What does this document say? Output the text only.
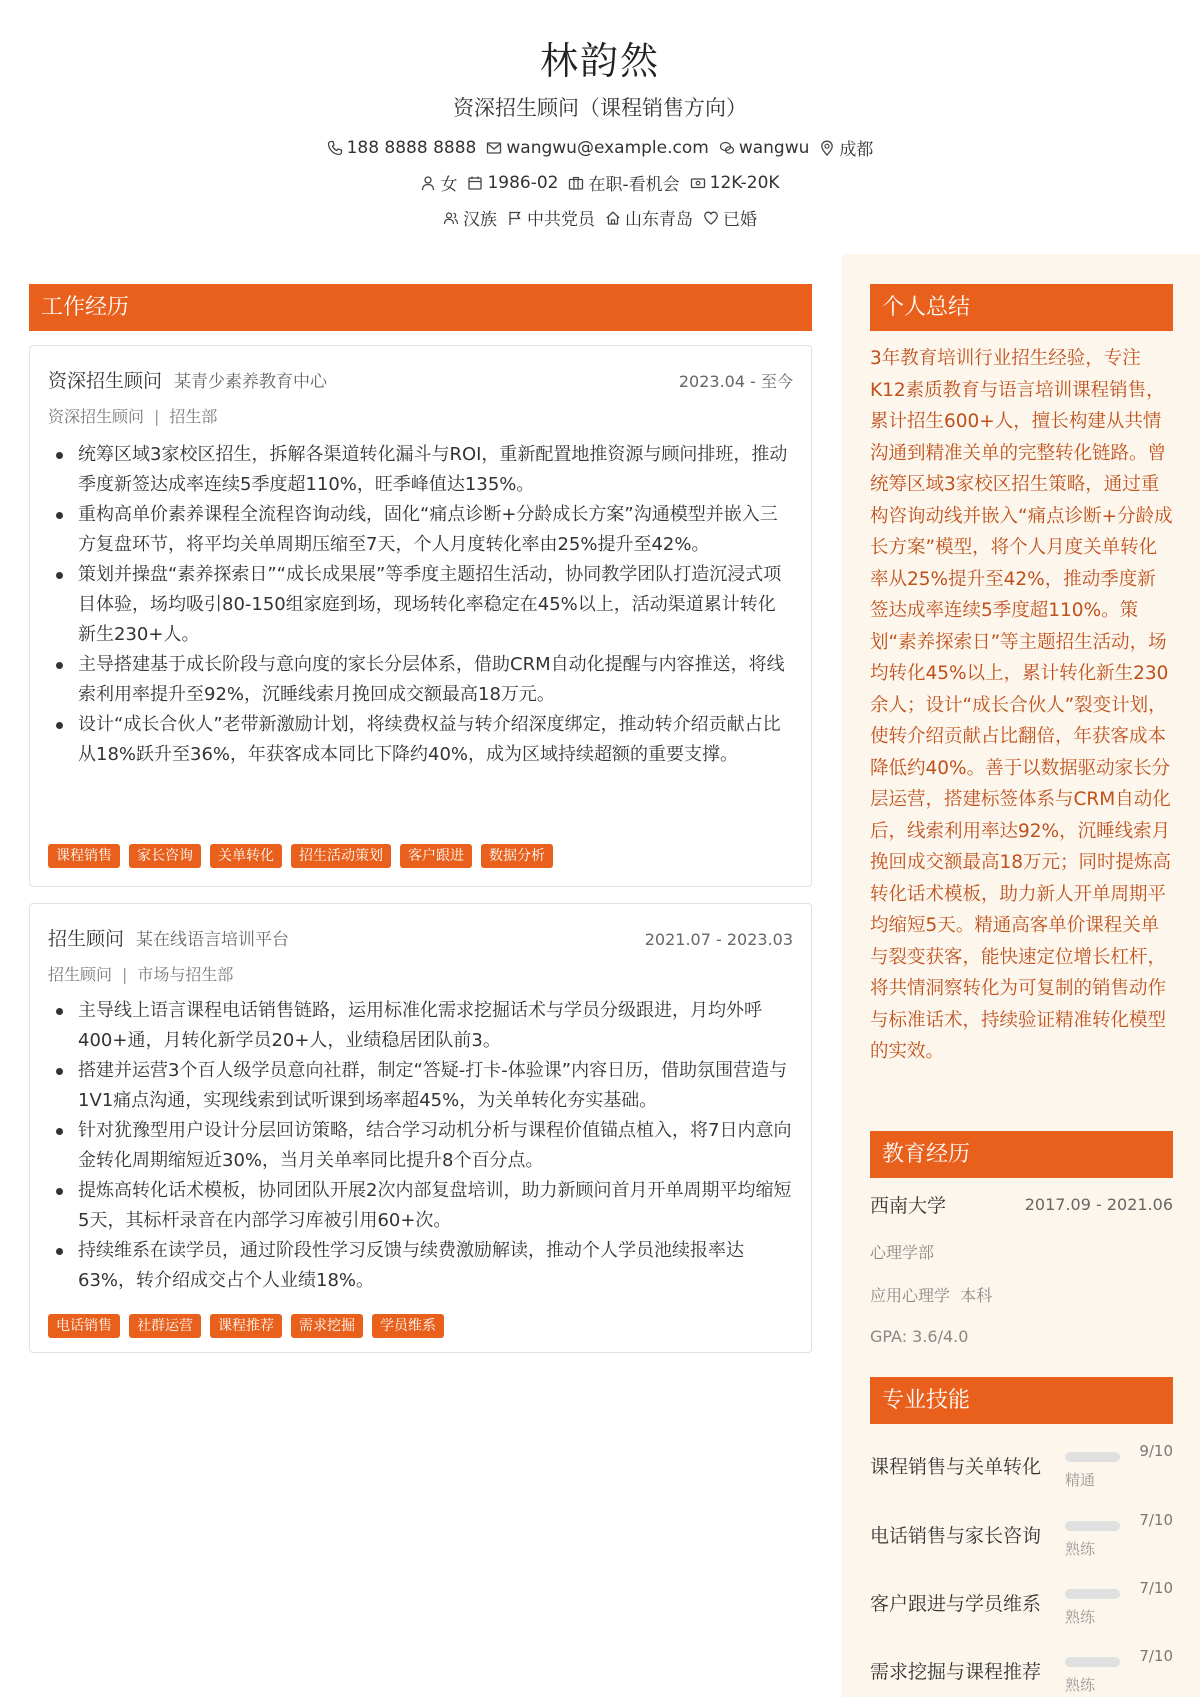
林韵然
资深招生顾问（课程销售方向）
188 8888 8888 wangwu@example.com wangwu 成都
女 1986-02 在职-看机会 12K-20K
汉族 中共党员 山东青岛 已婚
工作经历
资深招生顾问 某青少素养教育中心	2023.04 - 至今
资深招生顾问 | 招生部
统筹区域3家校区招生，拆解各渠道转化漏斗与ROI，重新配置地推资源与顾问排班，推动季度新签达成率连续5季度超110%，旺季峰值达135%。
重构高单价素养课程全流程咨询动线，固化“痛点诊断+分龄成长方案”沟通模型并嵌入三方复盘环节，将平均关单周期压缩至7天，个人月度转化率由25%提升至42%。
策划并操盘“素养探索日”“成长成果展”等季度主题招生活动，协同教学团队打造沉浸式项目体验，场均吸引80-150组家庭到场，现场转化率稳定在45%以上，活动渠道累计转化新生230+人。
主导搭建基于成长阶段与意向度的家长分层体系，借助CRM自动化提醒与内容推送，将线索利用率提升至92%，沉睡线索月挽回成交额最高18万元。
设计“成长合伙人”老带新激励计划，将续费权益与转介绍深度绑定，推动转介绍贡献占比从18%跃升至36%，年获客成本同比下降约40%，成为区域持续超额的重要支撑。
课程销售	家长咨询	关单转化	招生活动策划	客户跟进	数据分析
招生顾问 某在线语言培训平台	2021.07 - 2023.03
招生顾问 | 市场与招生部
主导线上语言课程电话销售链路，运用标准化需求挖掘话术与学员分级跟进，月均外呼400+通，月转化新学员20+人，业绩稳居团队前3。
搭建并运营3个百人级学员意向社群，制定“答疑-打卡-体验课”内容日历，借助氛围营造与1V1痛点沟通，实现线索到试听课到场率超45%，为关单转化夯实基础。
针对犹豫型用户设计分层回访策略，结合学习动机分析与课程价值锚点植入，将7日内意向金转化周期缩短近30%，当月关单率同比提升8个百分点。
提炼高转化话术模板，协同团队开展2次内部复盘培训，助力新顾问首月开单周期平均缩短5天，其标杆录音在内部学习库被引用60+次。
持续维系在读学员，通过阶段性学习反馈与续费激励解读，推动个人学员池续报率达63%，转介绍成交占个人业绩18%。
电话销售	社群运营	课程推荐	需求挖掘	学员维系
个人总结
3年教育培训行业招生经验，专注K12素质教育与语言培训课程销售，累计招生600+人，擅长构建从共情沟通到精准关单的完整转化链路。曾统筹区域3家校区招生策略，通过重构咨询动线并嵌入“痛点诊断+分龄成长方案”模型，将个人月度关单转化率从25%提升至42%，推动季度新签达成率连续5季度超110%。策划“素养探索日”等主题招生活动，场均转化45%以上，累计转化新生230余人；设计“成长合伙人”裂变计划，使转介绍贡献占比翻倍，年获客成本降低约40%。善于以数据驱动家长分层运营，搭建标签体系与CRM自动化后，线索利用率达92%，沉睡线索月挽回成交额最高18万元；同时提炼高转化话术模板，助力新人开单周期平均缩短5天。精通高客单价课程关单与裂变获客，能快速定位增长杠杆，将共情洞察转化为可复制的销售动作与标准话术，持续验证精准转化模型的实效。
教育经历
西南大学	2017.09 - 2021.06
心理学部
应用心理学 本科
GPA: 3.6/4.0
专业技能
课程销售与关单转化
9/10
精通
电话销售与家长咨询
7/10
熟练
客户跟进与学员维系
7/10
熟练
需求挖掘与课程推荐
7/10
熟练
